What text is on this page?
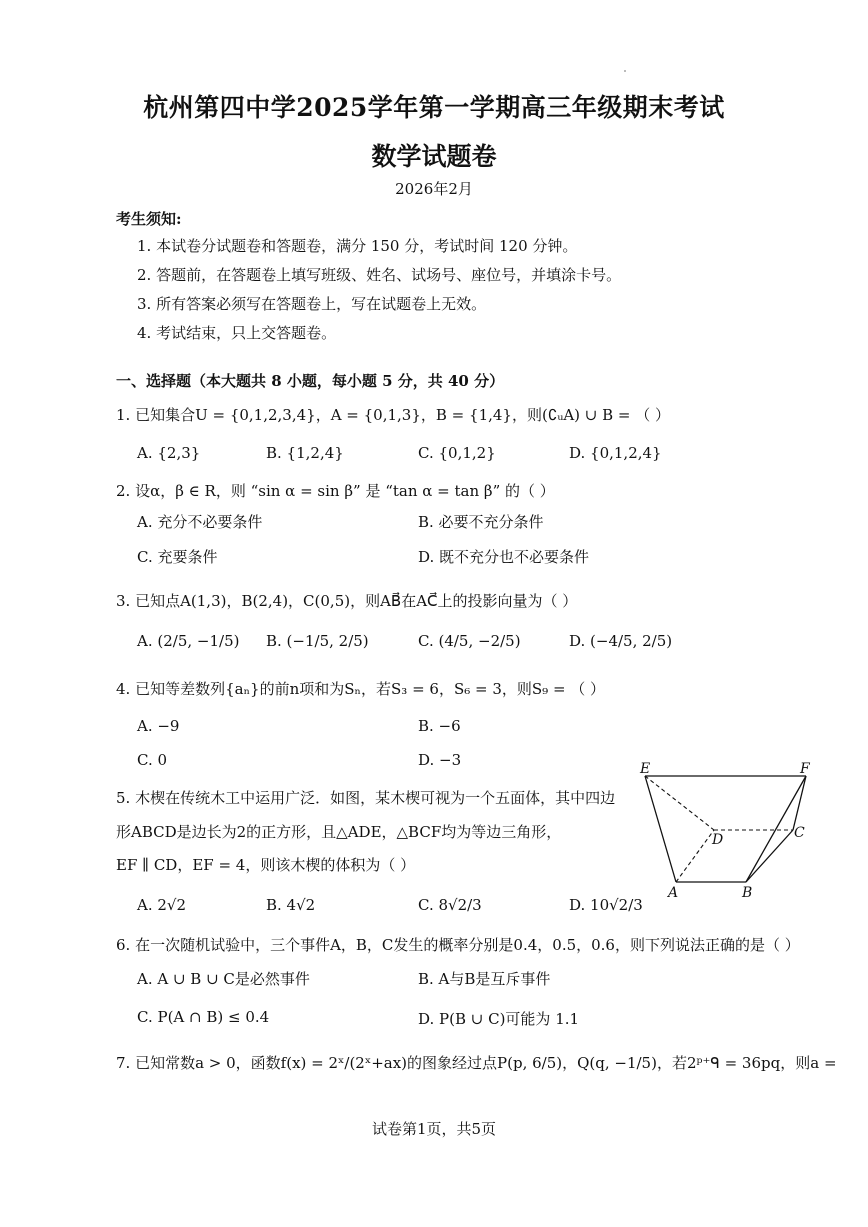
杭州第四中学2025学年第一学期高三年级期末考试
数学试题卷
2026年2月
考生须知:
1. 本试卷分试题卷和答题卷，满分 150 分，考试时间 120 分钟。
2. 答题前，在答题卷上填写班级、姓名、试场号、座位号，并填涂卡号。
3. 所有答案必须写在答题卷上，写在试题卷上无效。
4. 考试结束，只上交答题卷。
一、选择题（本大题共 8 小题，每小题 5 分，共 40 分）
1. 已知集合U = {0,1,2,3,4}，A = {0,1,3}，B = {1,4}，则(∁ᵤA) ∪ B = （ ）
A. {2,3}	B. {1,2,4}	C. {0,1,2}	D. {0,1,2,4}
2. 设α，β ∈ R，则 “sin α = sin β” 是 “tan α = tan β” 的（ ）
A. 充分不必要条件	B. 必要不充分条件
C. 充要条件	D. 既不充分也不必要条件
3. 已知点A(1,3)，B(2,4)，C(0,5)，则AB⃗在AC⃗上的投影向量为（ ）
A. (2/5, −1/5) B. (−1/5, 2/5)	C. (4/5, −2/5)	D. (−4/5, 2/5)
4. 已知等差数列{aₙ}的前n项和为Sₙ，若S₃ = 6，S₆ = 3，则S₉ = （ ）
A. −9	B. −6
C. 0	D. −3
5. 木楔在传统木工中运用广泛．如图，某木楔可视为一个五面体，其中四边
形ABCD是边长为2的正方形，且△ADE，△BCF均为等边三角形，
EF ∥ CD，EF = 4，则该木楔的体积为（ ）
A. 2√2	B. 4√2	C. 8√2/3	D. 10√2/3
E	F
D	C
A	B
6. 在一次随机试验中，三个事件A，B，C发生的概率分别是0.4，0.5，0.6，则下列说法正确的是（ ）
A. A ∪ B ∪ C是必然事件	B. A与B是互斥事件
C. P(A ∩ B) ≤ 0.4	D. P(B ∪ C)可能为 1.1
7. 已知常数a > 0，函数f(x) = 2ˣ/(2ˣ+ax)的图象经过点P(p, 6/5)，Q(q, −1/5)，若2ᵖ⁺ᑫ = 36pq，则a =
试卷第1页，共5页
